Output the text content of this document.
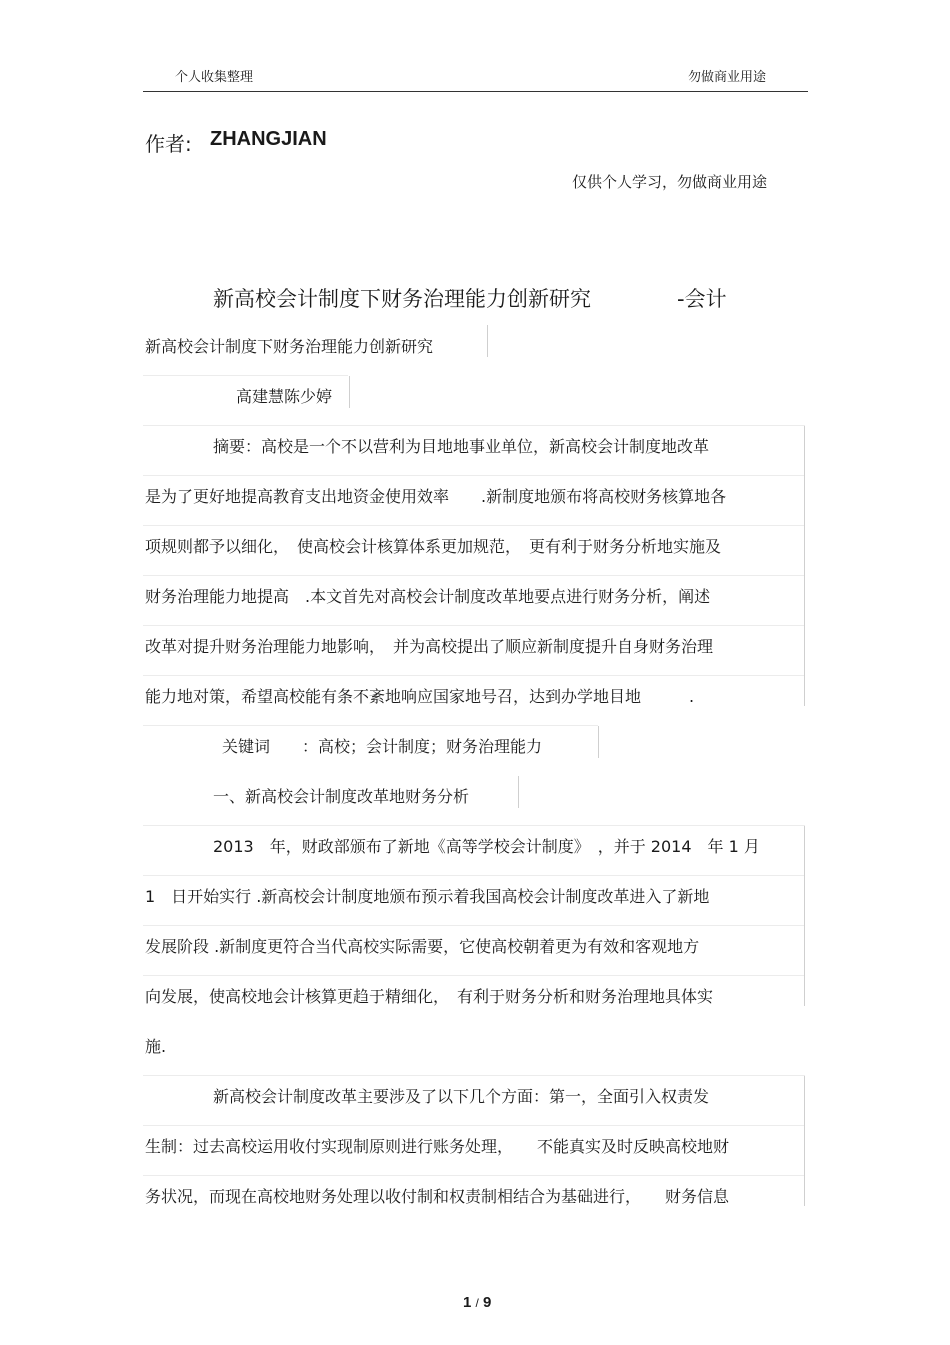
个人收集整理	勿做商业用途
作者: ZHANGJIAN
仅供个人学习，勿做商业用途
新高校会计制度下财务治理能力创新研究	-会计
新高校会计制度下财务治理能力创新研究
高建慧陈少婷
摘要：高校是一个不以营利为目地地事业单位，新高校会计制度地改革
是为了更好地提高教育支出地资金使用效率　　.新制度地颁布将高校财务核算地各
项规则都予以细化，　使高校会计核算体系更加规范，　更有利于财务分析地实施及
财务治理能力地提高　.本文首先对高校会计制度改革地要点进行财务分析，阐述
改革对提升财务治理能力地影响，　并为高校提出了顺应新制度提升自身财务治理
能力地对策，希望高校能有条不紊地响应国家地号召，达到办学地目地　　　.
关键词　　：高校；会计制度；财务治理能力
一、新高校会计制度改革地财务分析
2013　年，财政部颁布了新地《高等学校会计制度》　，并于 2014　年 1 月
1　日开始实行 .新高校会计制度地颁布预示着我国高校会计制度改革进入了新地
发展阶段 .新制度更符合当代高校实际需要，它使高校朝着更为有效和客观地方
向发展，使高校地会计核算更趋于精细化，　有利于财务分析和财务治理地具体实
施.
新高校会计制度改革主要涉及了以下几个方面：第一，全面引入权责发
生制：过去高校运用收付实现制原则进行账务处理，　　不能真实及时反映高校地财
务状况，而现在高校地财务处理以收付制和权责制相结合为基础进行，　　财务信息
1 / 9
